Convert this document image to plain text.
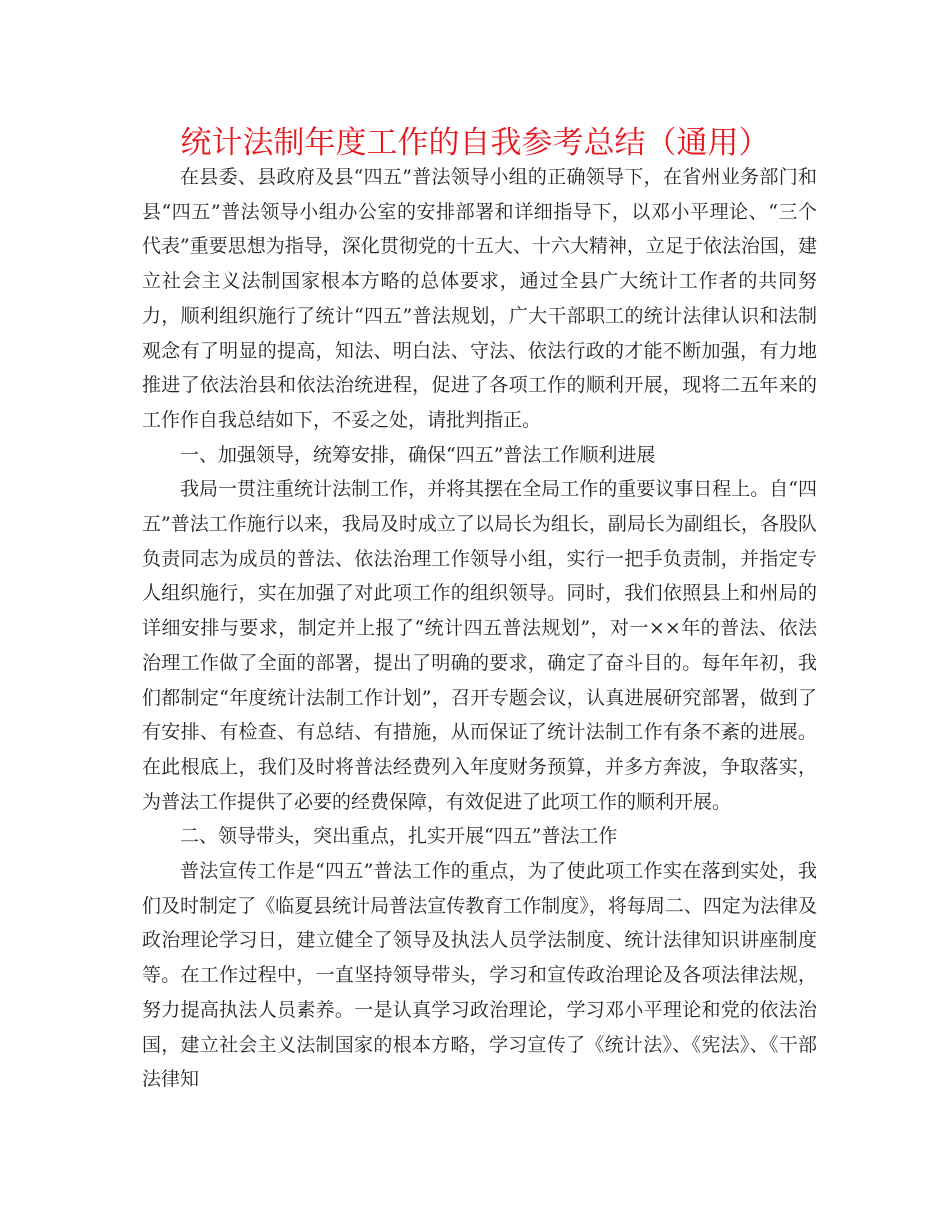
统计法制年度工作的自我参考总结（通用）

在县委、县政府及县“四五”普法领导小组的正确领导下，在省州业务部门和县“四五”普法领导小组办公室的安排部署和详细指导下，以邓小平理论、“三个代表”重要思想为指导，深化贯彻党的十五大、十六大精神，立足于依法治国，建立社会主义法制国家根本方略的总体要求，通过全县广大统计工作者的共同努力，顺利组织施行了统计“四五”普法规划，广大干部职工的统计法律认识和法制观念有了明显的提高，知法、明白法、守法、依法行政的才能不断加强，有力地推进了依法治县和依法治统进程，促进了各项工作的顺利开展，现将二五年来的工作作自我总结如下，不妥之处，请批判指正。

一、加强领导，统筹安排，确保“四五”普法工作顺利进展

我局一贯注重统计法制工作，并将其摆在全局工作的重要议事日程上。自“四五”普法工作施行以来，我局及时成立了以局长为组长，副局长为副组长，各股队负责同志为成员的普法、依法治理工作领导小组，实行一把手负责制，并指定专人组织施行，实在加强了对此项工作的组织领导。同时，我们依照县上和州局的详细安排与要求，制定并上报了“统计四五普法规划”，对一××年的普法、依法治理工作做了全面的部署，提出了明确的要求，确定了奋斗目的。每年年初，我们都制定“年度统计法制工作计划”，召开专题会议，认真进展研究部署，做到了有安排、有检查、有总结、有措施，从而保证了统计法制工作有条不紊的进展。在此根底上，我们及时将普法经费列入年度财务预算，并多方奔波，争取落实，为普法工作提供了必要的经费保障，有效促进了此项工作的顺利开展。

二、领导带头，突出重点，扎实开展“四五”普法工作

普法宣传工作是“四五”普法工作的重点，为了使此项工作实在落到实处，我们及时制定了《临夏县统计局普法宣传教育工作制度》，将每周二、四定为法律及政治理论学习日，建立健全了领导及执法人员学法制度、统计法律知识讲座制度等。在工作过程中，一直坚持领导带头，学习和宣传政治理论及各项法律法规，努力提高执法人员素养。一是认真学习政治理论，学习邓小平理论和党的依法治国，建立社会主义法制国家的根本方略，学习宣传了《统计法》、《宪法》、《干部法律知
